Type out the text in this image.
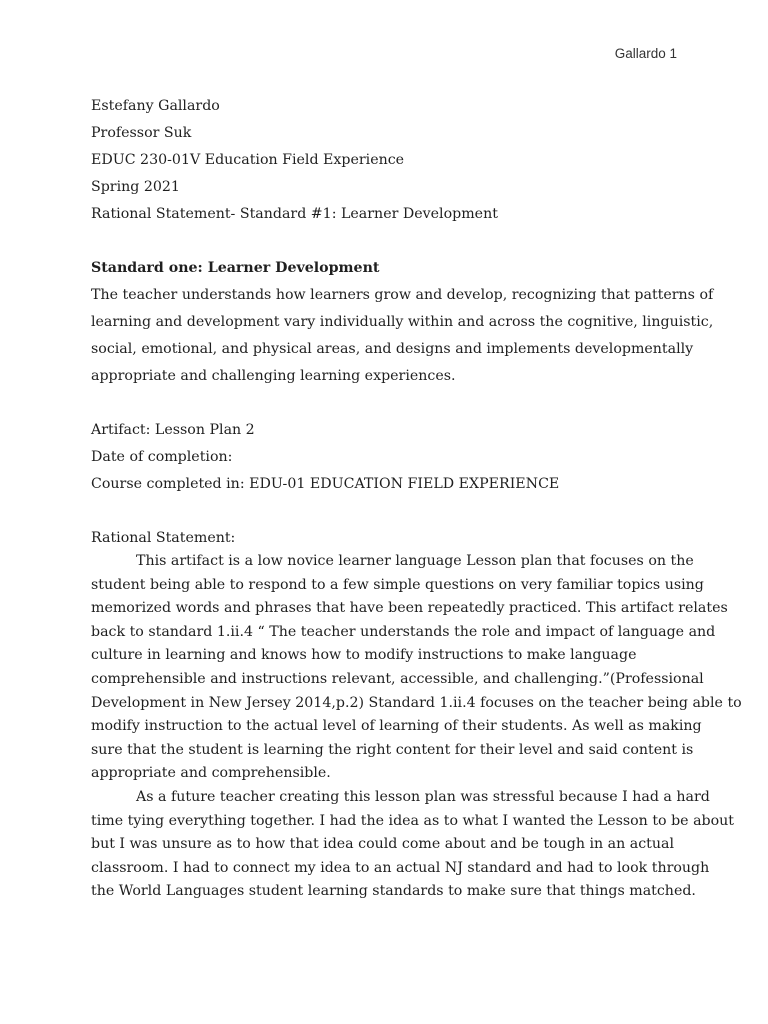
Gallardo 1

Estefany Gallardo

Professor Suk

EDUC 230-01V Education Field Experience

Spring 2021

Rational Statement- Standard #1: Learner Development

Standard one: Learner Development

The teacher understands how learners grow and develop, recognizing that patterns of

learning and development vary individually within and across the cognitive, linguistic,

social, emotional, and physical areas, and designs and implements developmentally

appropriate and challenging learning experiences.

Artifact: Lesson Plan 2

Date of completion:

Course completed in: EDU-01 EDUCATION FIELD EXPERIENCE

Rational Statement:

This artifact is a low novice learner language Lesson plan that focuses on the

student being able to respond to a few simple questions on very familiar topics using

memorized words and phrases that have been repeatedly practiced. This artifact relates

back to standard 1.ii.4 “ The teacher understands the role and impact of language and

culture in learning and knows how to modify instructions to make language

comprehensible and instructions relevant, accessible, and challenging.”(Professional

Development in New Jersey 2014,p.2) Standard 1.ii.4 focuses on the teacher being able to

modify instruction to the actual level of learning of their students. As well as making

sure that the student is learning the right content for their level and said content is

appropriate and comprehensible.

As a future teacher creating this lesson plan was stressful because I had a hard

time tying everything together. I had the idea as to what I wanted the Lesson to be about

but I was unsure as to how that idea could come about and be tough in an actual

classroom. I had to connect my idea to an actual NJ standard and had to look through

the World Languages student learning standards to make sure that things matched.
